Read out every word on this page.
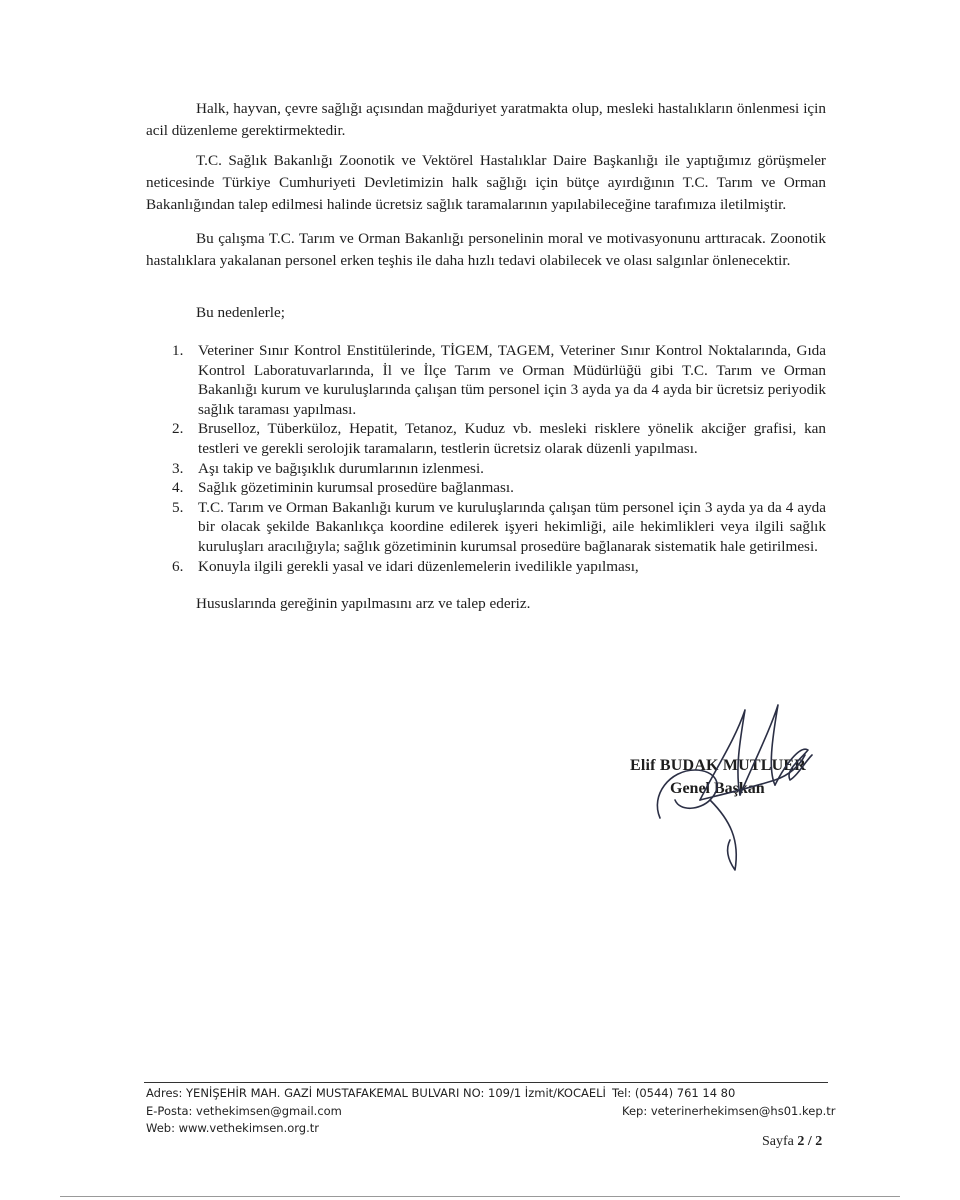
Halk, hayvan, çevre sağlığı açısından mağduriyet yaratmakta olup, mesleki hastalıkların önlenmesi için acil düzenleme gerektirmektedir.

T.C. Sağlık Bakanlığı Zoonotik ve Vektörel Hastalıklar Daire Başkanlığı ile yaptığımız görüşmeler neticesinde Türkiye Cumhuriyeti Devletimizin halk sağlığı için bütçe ayırdığının T.C. Tarım ve Orman Bakanlığından talep edilmesi halinde ücretsiz sağlık taramalarının yapılabileceğine tarafımıza iletilmiştir.

Bu çalışma T.C. Tarım ve Orman Bakanlığı personelinin moral ve motivasyonunu arttıracak. Zoonotik hastalıklara yakalanan personel erken teşhis ile daha hızlı tedavi olabilecek ve olası salgınlar önlenecektir.

Bu nedenlerle;

1. Veteriner Sınır Kontrol Enstitülerinde, TİGEM, TAGEM, Veteriner Sınır Kontrol Noktalarında, Gıda Kontrol Laboratuvarlarında, İl ve İlçe Tarım ve Orman Müdürlüğü gibi T.C. Tarım ve Orman Bakanlığı kurum ve kuruluşlarında çalışan tüm personel için 3 ayda ya da 4 ayda bir ücretsiz periyodik sağlık taraması yapılması.
2. Bruselloz, Tüberküloz, Hepatit, Tetanoz, Kuduz vb. mesleki risklere yönelik akciğer grafisi, kan testleri ve gerekli serolojik taramaların, testlerin ücretsiz olarak düzenli yapılması.
3. Aşı takip ve bağışıklık durumlarının izlenmesi.
4. Sağlık gözetiminin kurumsal prosedüre bağlanması.
5. T.C. Tarım ve Orman Bakanlığı kurum ve kuruluşlarında çalışan tüm personel için 3 ayda ya da 4 ayda bir olacak şekilde Bakanlıkça koordine edilerek işyeri hekimliği, aile hekimlikleri veya ilgili sağlık kuruluşları aracılığıyla; sağlık gözetiminin kurumsal prosedüre bağlanarak sistematik hale getirilmesi.
6. Konuyla ilgili gerekli yasal ve idari düzenlemelerin ivedilikle yapılması,

Hususlarında gereğinin yapılmasını arz ve talep ederiz.

Elif BUDAK MUTLUER
Genel Başkan
Adres: YENİŞEHİR MAH. GAZİ MUSTAFAKEMAL BULVARI NO: 109/1 İzmit/KOCAELİ
E-Posta: vethekimsen@gmail.com
Web: www.vethekimsen.org.tr
Tel: (0544) 761 14 80
Kep: veterinerhekimsen@hs01.kep.tr
Sayfa 2 / 2
